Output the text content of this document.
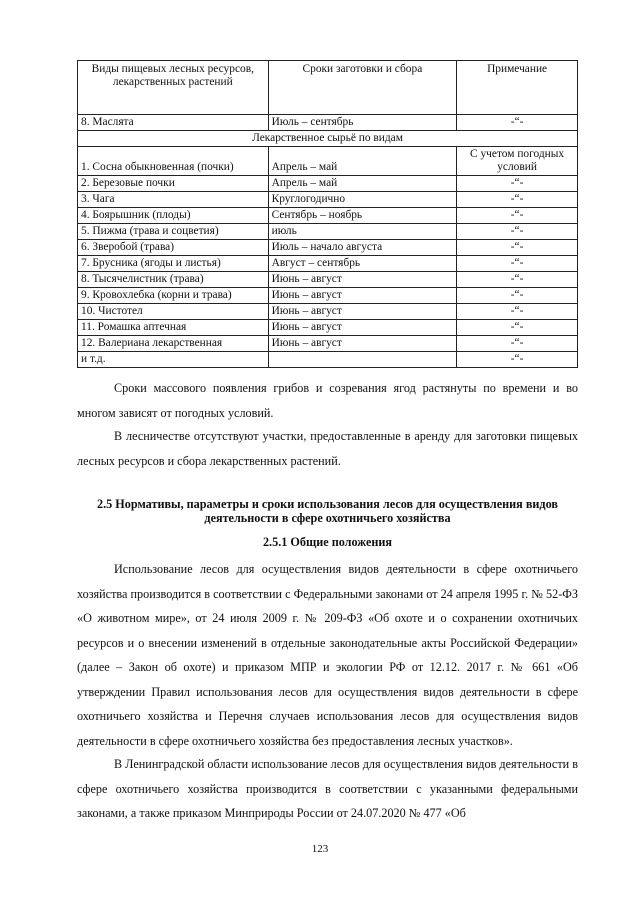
Виды пищевых лесных ресурсов, лекарственных растений	Сроки заготовки и сбора	Примечание
8. Маслята	Июль – сентябрь	-“-
Лекарственное сырьё по видам		
1. Сосна обыкновенная (почки)	Апрель – май	С учетом погодных условий
2. Березовые почки	Апрель – май	-“-
3. Чага	Круглогодично	-“-
4. Боярышник (плоды)	Сентябрь – ноябрь	-“-
5. Пижма (трава и соцветия)	июль	-“-
6. Зверобой (трава)	Июль – начало августа	-“-
7. Брусника (ягоды и листья)	Август – сентябрь	-“-
8. Тысячелистник (трава)	Июнь – август	-“-
9. Кровохлебка (корни и трава)	Июнь – август	-“-
10. Чистотел	Июнь – август	-“-
11. Ромашка аптечная	Июнь – август	-“-
12. Валериана лекарственная	Июнь – август	-“-
и т.д.		-“-
Сроки массового появления грибов и созревания ягод растянуты по времени и во многом зависят от погодных условий.
В лесничестве отсутствуют участки, предоставленные в аренду для заготовки пищевых лесных ресурсов и сбора лекарственных растений.
2.5 Нормативы, параметры и сроки использования лесов для осуществления видов деятельности в сфере охотничьего хозяйства
2.5.1 Общие положения
Использование лесов для осуществления видов деятельности в сфере охотничьего хозяйства производится в соответствии с Федеральными законами от 24 апреля 1995 г. № 52-ФЗ «О животном мире», от 24 июля 2009 г. № 209-ФЗ «Об охоте и о сохранении охотничьих ресурсов и о внесении изменений в отдельные законодательные акты Российской Федерации» (далее – Закон об охоте) и приказом МПР и экологии РФ от 12.12. 2017 г. № 661 «Об утверждении Правил использования лесов для осуществления видов деятельности в сфере охотничьего хозяйства и Перечня случаев использования лесов для осуществления видов деятельности в сфере охотничьего хозяйства без предоставления лесных участков».
В Ленинградской области использование лесов для осуществления видов деятельности в сфере охотничьего хозяйства производится в соответствии с указанными федеральными законами, а также приказом Минприроды России от 24.07.2020 № 477 «Об
123
